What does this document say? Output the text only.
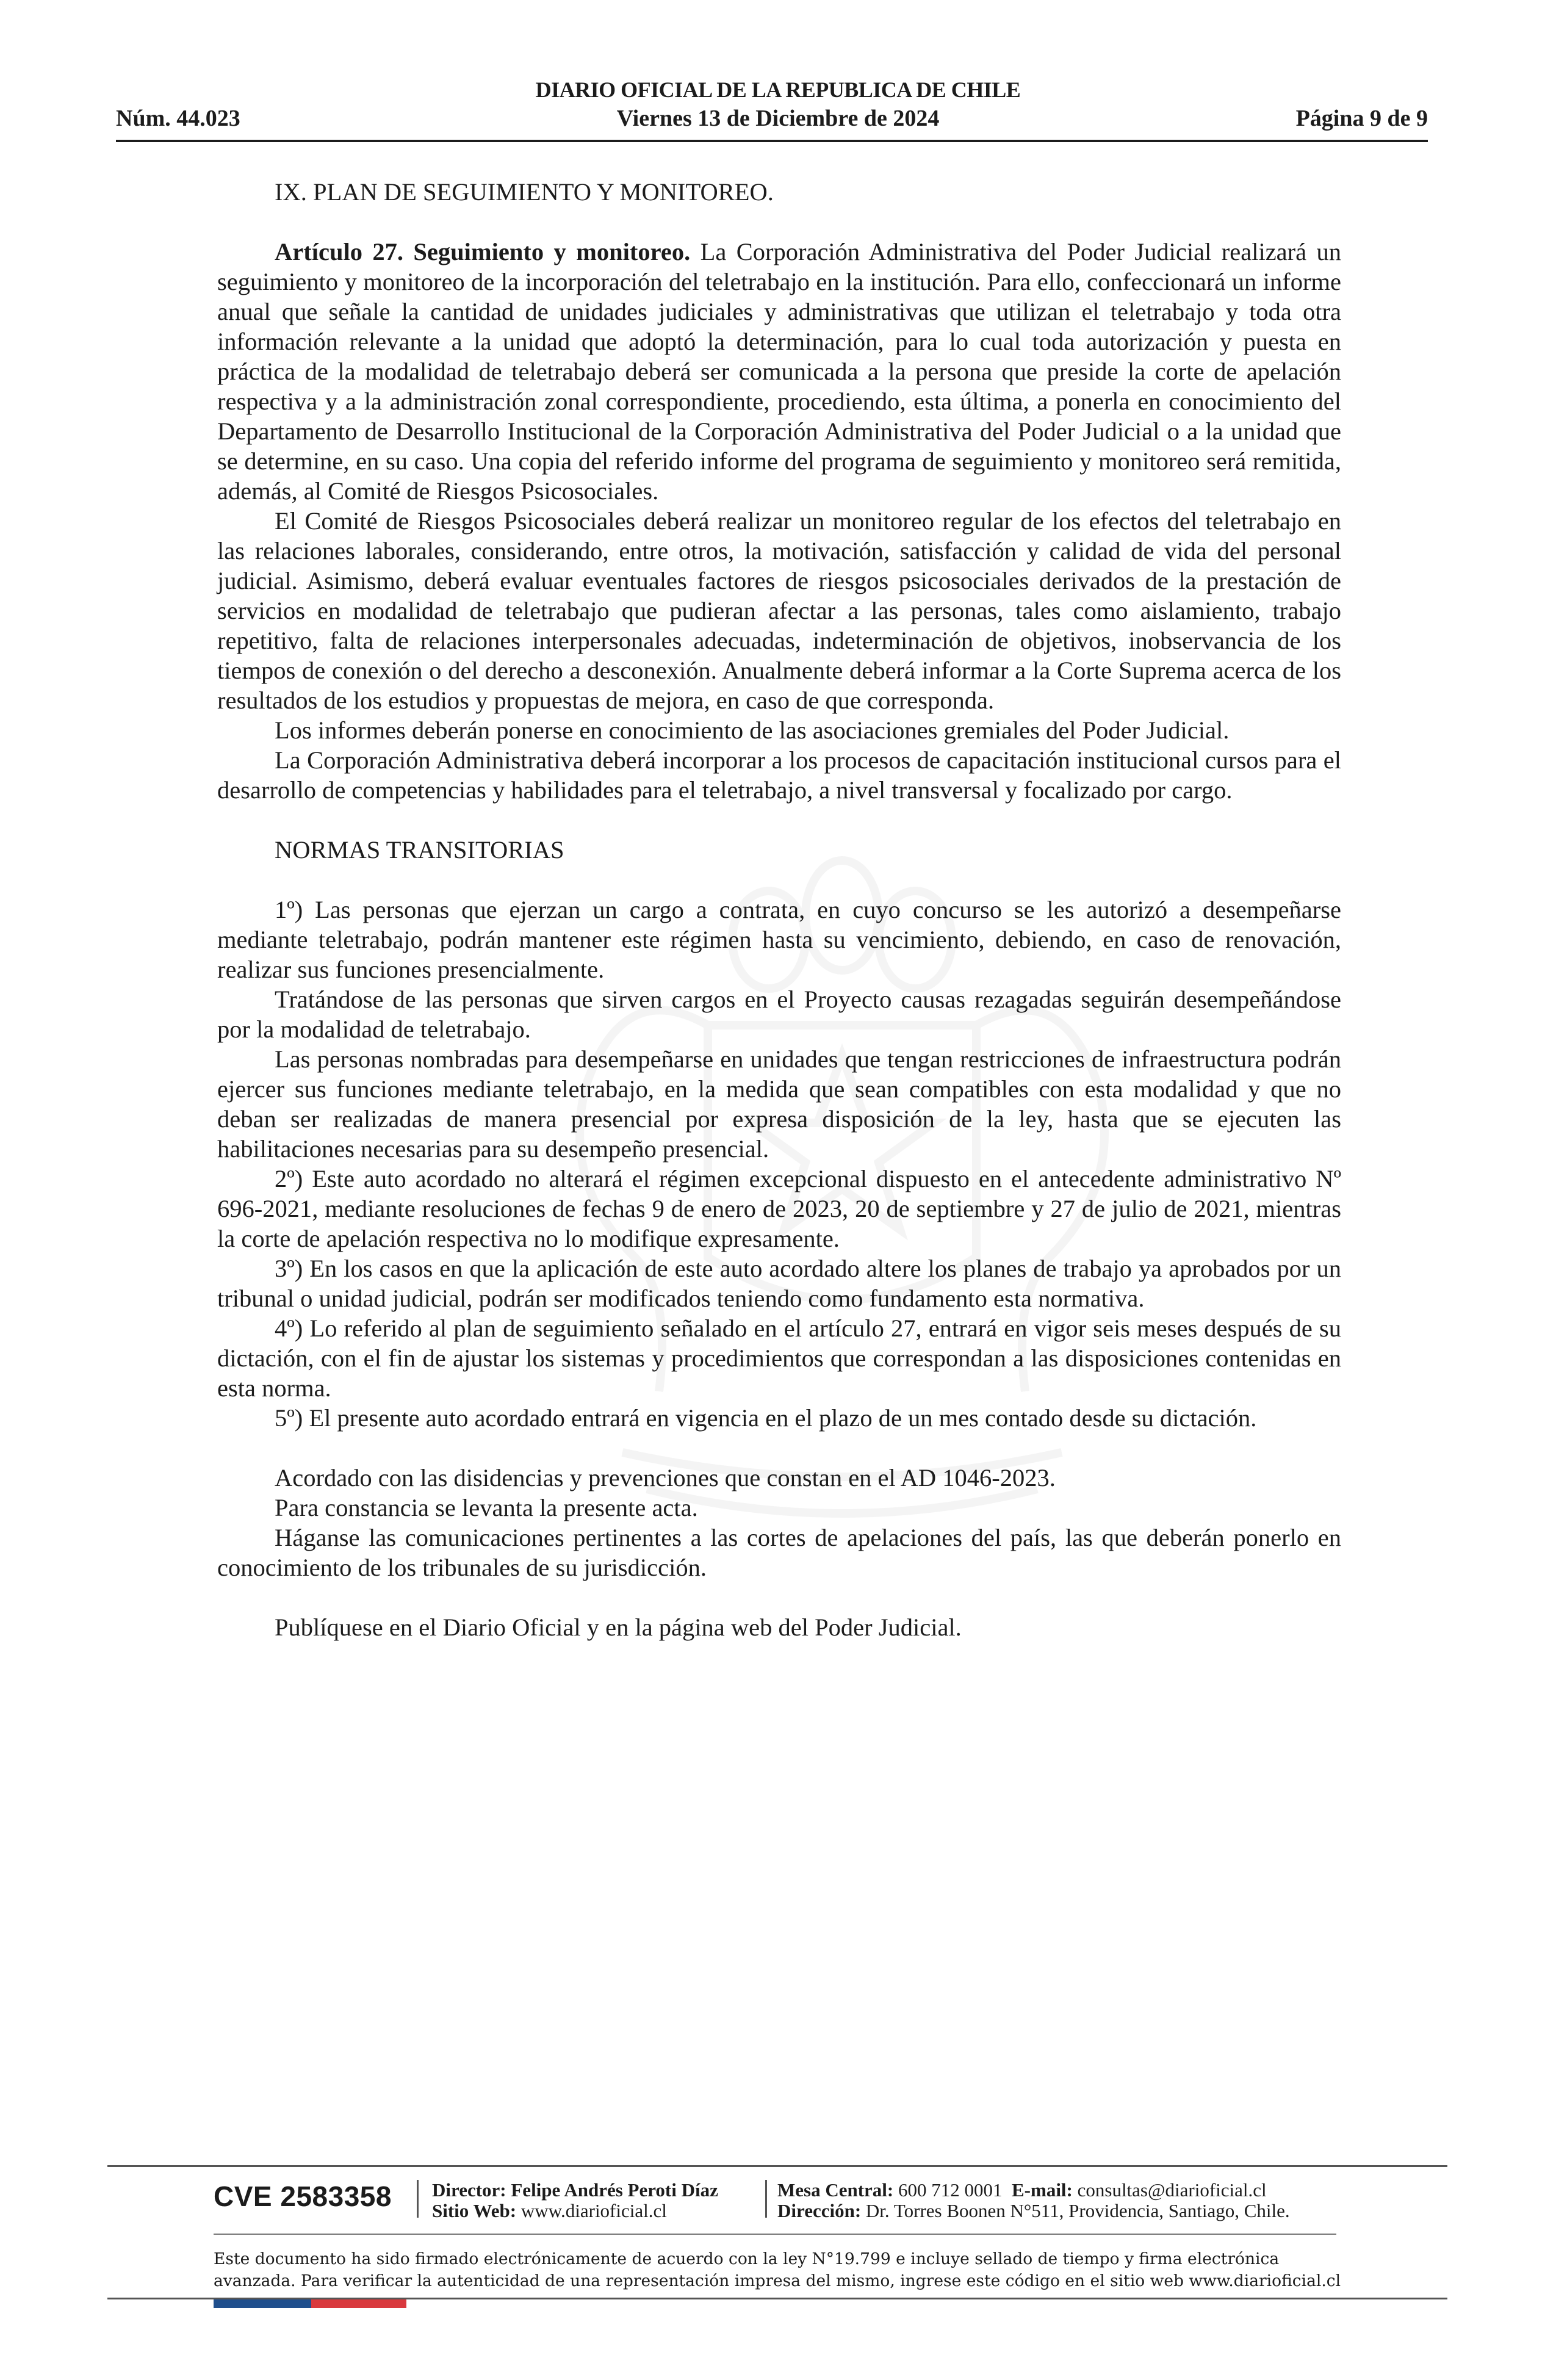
DIARIO OFICIAL DE LA REPUBLICA DE CHILE
Núm. 44.023	Viernes 13 de Diciembre de 2024	Página 9 de 9

IX. PLAN DE SEGUIMIENTO Y MONITOREO.

Artículo 27. Seguimiento y monitoreo. La Corporación Administrativa del Poder Judicial realizará un seguimiento y monitoreo de la incorporación del teletrabajo en la institución. Para ello, confeccionará un informe anual que señale la cantidad de unidades judiciales y administrativas que utilizan el teletrabajo y toda otra información relevante a la unidad que adoptó la determinación, para lo cual toda autorización y puesta en práctica de la modalidad de teletrabajo deberá ser comunicada a la persona que preside la corte de apelación respectiva y a la administración zonal correspondiente, procediendo, esta última, a ponerla en conocimiento del Departamento de Desarrollo Institucional de la Corporación Administrativa del Poder Judicial o a la unidad que se determine, en su caso. Una copia del referido informe del programa de seguimiento y monitoreo será remitida, además, al Comité de Riesgos Psicosociales.

El Comité de Riesgos Psicosociales deberá realizar un monitoreo regular de los efectos del teletrabajo en las relaciones laborales, considerando, entre otros, la motivación, satisfacción y calidad de vida del personal judicial. Asimismo, deberá evaluar eventuales factores de riesgos psicosociales derivados de la prestación de servicios en modalidad de teletrabajo que pudieran afectar a las personas, tales como aislamiento, trabajo repetitivo, falta de relaciones interpersonales adecuadas, indeterminación de objetivos, inobservancia de los tiempos de conexión o del derecho a desconexión. Anualmente deberá informar a la Corte Suprema acerca de los resultados de los estudios y propuestas de mejora, en caso de que corresponda.

Los informes deberán ponerse en conocimiento de las asociaciones gremiales del Poder Judicial.

La Corporación Administrativa deberá incorporar a los procesos de capacitación institucional cursos para el desarrollo de competencias y habilidades para el teletrabajo, a nivel transversal y focalizado por cargo.

NORMAS TRANSITORIAS

1º) Las personas que ejerzan un cargo a contrata, en cuyo concurso se les autorizó a desempeñarse mediante teletrabajo, podrán mantener este régimen hasta su vencimiento, debiendo, en caso de renovación, realizar sus funciones presencialmente.

Tratándose de las personas que sirven cargos en el Proyecto causas rezagadas seguirán desempeñándose por la modalidad de teletrabajo.

Las personas nombradas para desempeñarse en unidades que tengan restricciones de infraestructura podrán ejercer sus funciones mediante teletrabajo, en la medida que sean compatibles con esta modalidad y que no deban ser realizadas de manera presencial por expresa disposición de la ley, hasta que se ejecuten las habilitaciones necesarias para su desempeño presencial.

2º) Este auto acordado no alterará el régimen excepcional dispuesto en el antecedente administrativo Nº 696-2021, mediante resoluciones de fechas 9 de enero de 2023, 20 de septiembre y 27 de julio de 2021, mientras la corte de apelación respectiva no lo modifique expresamente.

3º) En los casos en que la aplicación de este auto acordado altere los planes de trabajo ya aprobados por un tribunal o unidad judicial, podrán ser modificados teniendo como fundamento esta normativa.

4º) Lo referido al plan de seguimiento señalado en el artículo 27, entrará en vigor seis meses después de su dictación, con el fin de ajustar los sistemas y procedimientos que correspondan a las disposiciones contenidas en esta norma.

5º) El presente auto acordado entrará en vigencia en el plazo de un mes contado desde su dictación.

Acordado con las disidencias y prevenciones que constan en el AD 1046-2023.

Para constancia se levanta la presente acta.

Háganse las comunicaciones pertinentes a las cortes de apelaciones del país, las que deberán ponerlo en conocimiento de los tribunales de su jurisdicción.

Publíquese en el Diario Oficial y en la página web del Poder Judicial.

CVE 2583358 Director: Felipe Andrés Peroti Díaz
Sitio Web: www.diarioficial.cl
Mesa Central: 600 712 0001 E-mail: consultas@diarioficial.cl
Dirección: Dr. Torres Boonen N°511, Providencia, Santiago, Chile.
Este documento ha sido firmado electrónicamente de acuerdo con la ley N°19.799 e incluye sellado de tiempo y firma electrónica
avanzada. Para verificar la autenticidad de una representación impresa del mismo, ingrese este código en el sitio web www.diarioficial.cl
